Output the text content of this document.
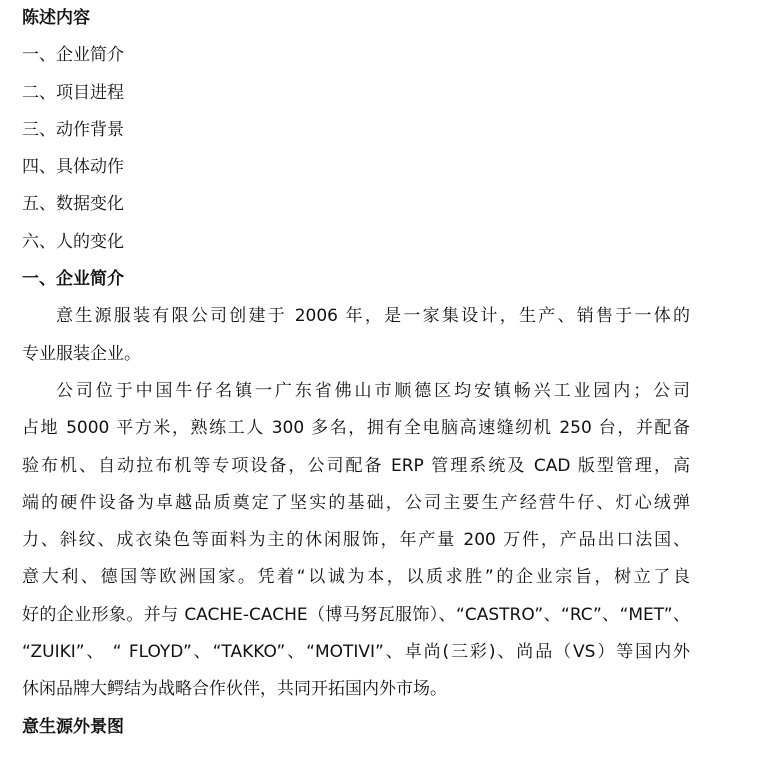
陈述内容
一、企业简介
二、项目进程
三、动作背景
四、具体动作
五、数据变化
六、人的变化
一、企业简介
意生源服装有限公司创建于 2006 年，是一家集设计，生产、销售于一体的
专业服装企业。
公司位于中国牛仔名镇一广东省佛山市顺德区均安镇畅兴工业园内；公司
占地 5000 平方米，熟练工人 300 多名，拥有全电脑高速缝纫机 250 台，并配备
验布机、自动拉布机等专项设备，公司配备 ERP 管理系统及 CAD 版型管理，高
端的硬件设备为卓越品质奠定了坚实的基础，公司主要生产经营牛仔、灯心绒弹
力、斜纹、成衣染色等面料为主的休闲服饰，年产量 200 万件，产品出口法国、
意大利、德国等欧洲国家。凭着“以诚为本，以质求胜”的企业宗旨，树立了良
好的企业形象。并与 CACHE-CACHE（博马努瓦服饰）、“CASTRO”、“RC”、“MET”、
“ZUIKI”、 “ FLOYD”、“TAKKO”、“MOTIVI”、卓尚(三彩)、尚品（VS）等国内外
休闲品牌大鳄结为战略合作伙伴，共同开拓国内外市场。
意生源外景图
